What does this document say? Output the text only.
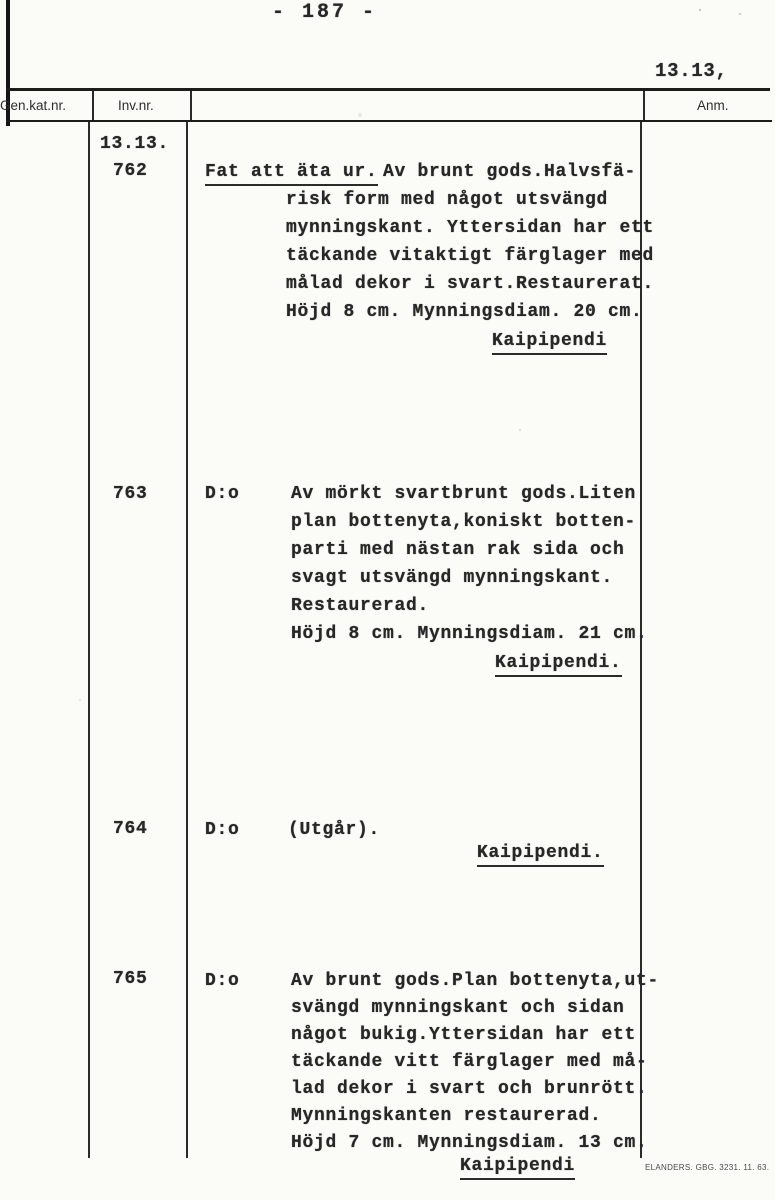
- 187 -
13.13,
Gen.kat.nr.	Inv.nr.	Anm.
13.13.
762	Fat att äta ur. Av brunt gods.Halvsfä-
risk form med något utsvängd
mynningskant. Yttersidan har ett
täckande vitaktigt färglager med
målad dekor i svart.Restaurerat.
Höjd 8 cm. Mynningsdiam. 20 cm.
Kaipipendi
763	D:o	Av mörkt svartbrunt gods.Liten
plan bottenyta,koniskt botten-
parti med nästan rak sida och
svagt utsvängd mynningskant.
Restaurerad.
Höjd 8 cm. Mynningsdiam. 21 cm.
Kaipipendi.
764	D:o	(Utgår).
Kaipipendi.
765	D:o	Av brunt gods.Plan bottenyta,ut-
svängd mynningskant och sidan
något bukig.Yttersidan har ett
täckande vitt färglager med må-
lad dekor i svart och brunrött.
Mynningskanten restaurerad.
Höjd 7 cm. Mynningsdiam. 13 cm.
Kaipipendi	ELANDERS. GBG. 3231. 11. 63.
